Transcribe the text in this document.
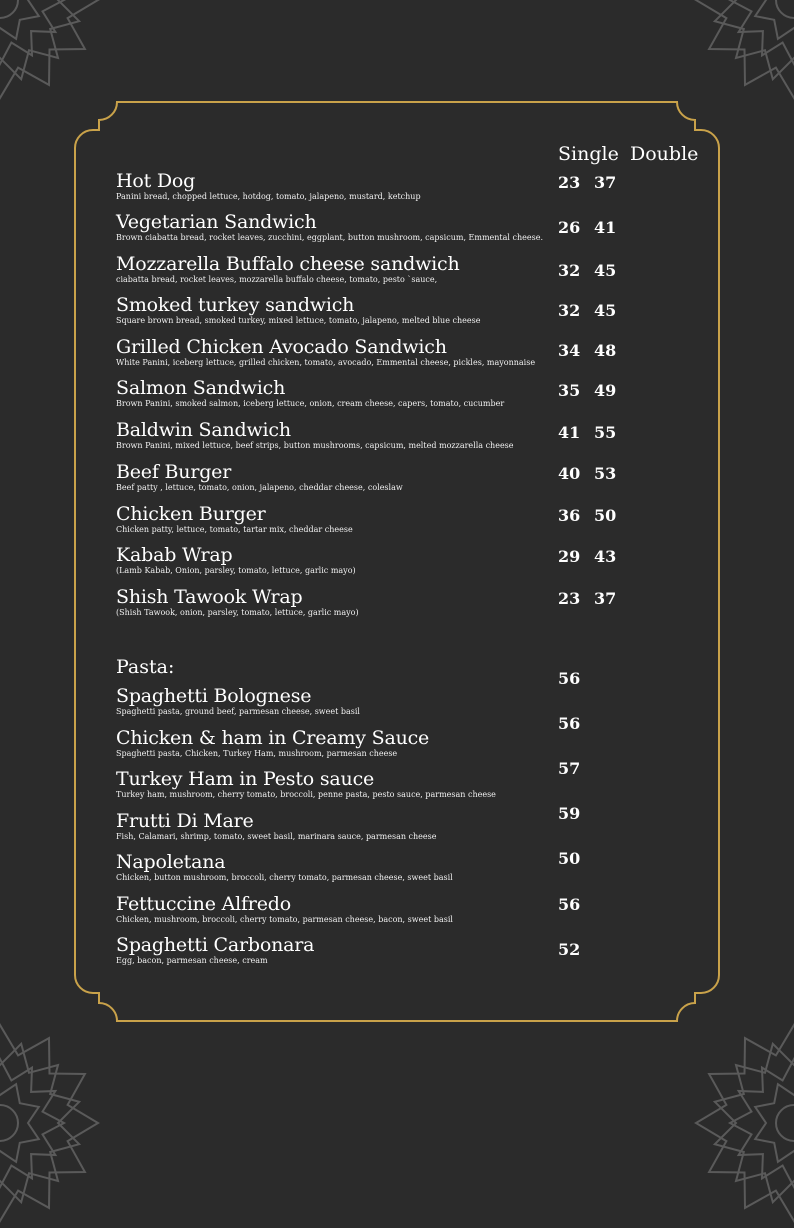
Single Double
Hot Dog
Panini bread, chopped lettuce, hotdog, tomato, jalapeno, mustard, ketchup
23 37
Vegetarian Sandwich
Brown ciabatta bread, rocket leaves, zucchini, eggplant, button mushroom, capsicum, Emmental cheese.
26 41
Mozzarella Buffalo cheese sandwich
ciabatta bread, rocket leaves, mozzarella buffalo cheese, tomato, pesto `sauce,	32 45
Smoked turkey sandwich
Square brown bread, smoked turkey, mixed lettuce, tomato, jalapeno, melted blue cheese
32 45
Grilled Chicken Avocado Sandwich
White Panini, iceberg lettuce, grilled chicken, tomato, avocado, Emmental cheese, pickles, mayonnaise
34 48
Salmon Sandwich
Brown Panini, smoked salmon, iceberg lettuce, onion, cream cheese, capers, tomato, cucumber
35 49
Baldwin Sandwich
Brown Panini, mixed lettuce, beef strips, button mushrooms, capsicum, melted mozzarella cheese
41 55
Beef Burger
Beef patty , lettuce, tomato, onion, jalapeno, cheddar cheese, coleslaw
40 53
Chicken Burger
Chicken patty, lettuce, tomato, tartar mix, cheddar cheese
36 50
Kabab Wrap
(Lamb Kabab, Onion, parsley, tomato, lettuce, garlic mayo)
29 43
Shish Tawook Wrap
(Shish Tawook, onion, parsley, tomato, lettuce, garlic mayo)
23 37
Pasta:
Spaghetti Bolognese
Spaghetti pasta, ground beef, parmesan cheese, sweet basil
56
Chicken & ham in Creamy Sauce
Spaghetti pasta, Chicken, Turkey Ham, mushroom, parmesan cheese
56
Turkey Ham in Pesto sauce
Turkey ham, mushroom, cherry tomato, broccoli, penne pasta, pesto sauce, parmesan cheese
57
Frutti Di Mare
Fish, Calamari, shrimp, tomato, sweet basil, marinara sauce, parmesan cheese
59
Napoletana
Chicken, button mushroom, broccoli, cherry tomato, parmesan cheese, sweet basil
50
Fettuccine Alfredo
Chicken, mushroom, broccoli, cherry tomato, parmesan cheese, bacon, sweet basil
56
Spaghetti Carbonara
Egg, bacon, parmesan cheese, cream
52
